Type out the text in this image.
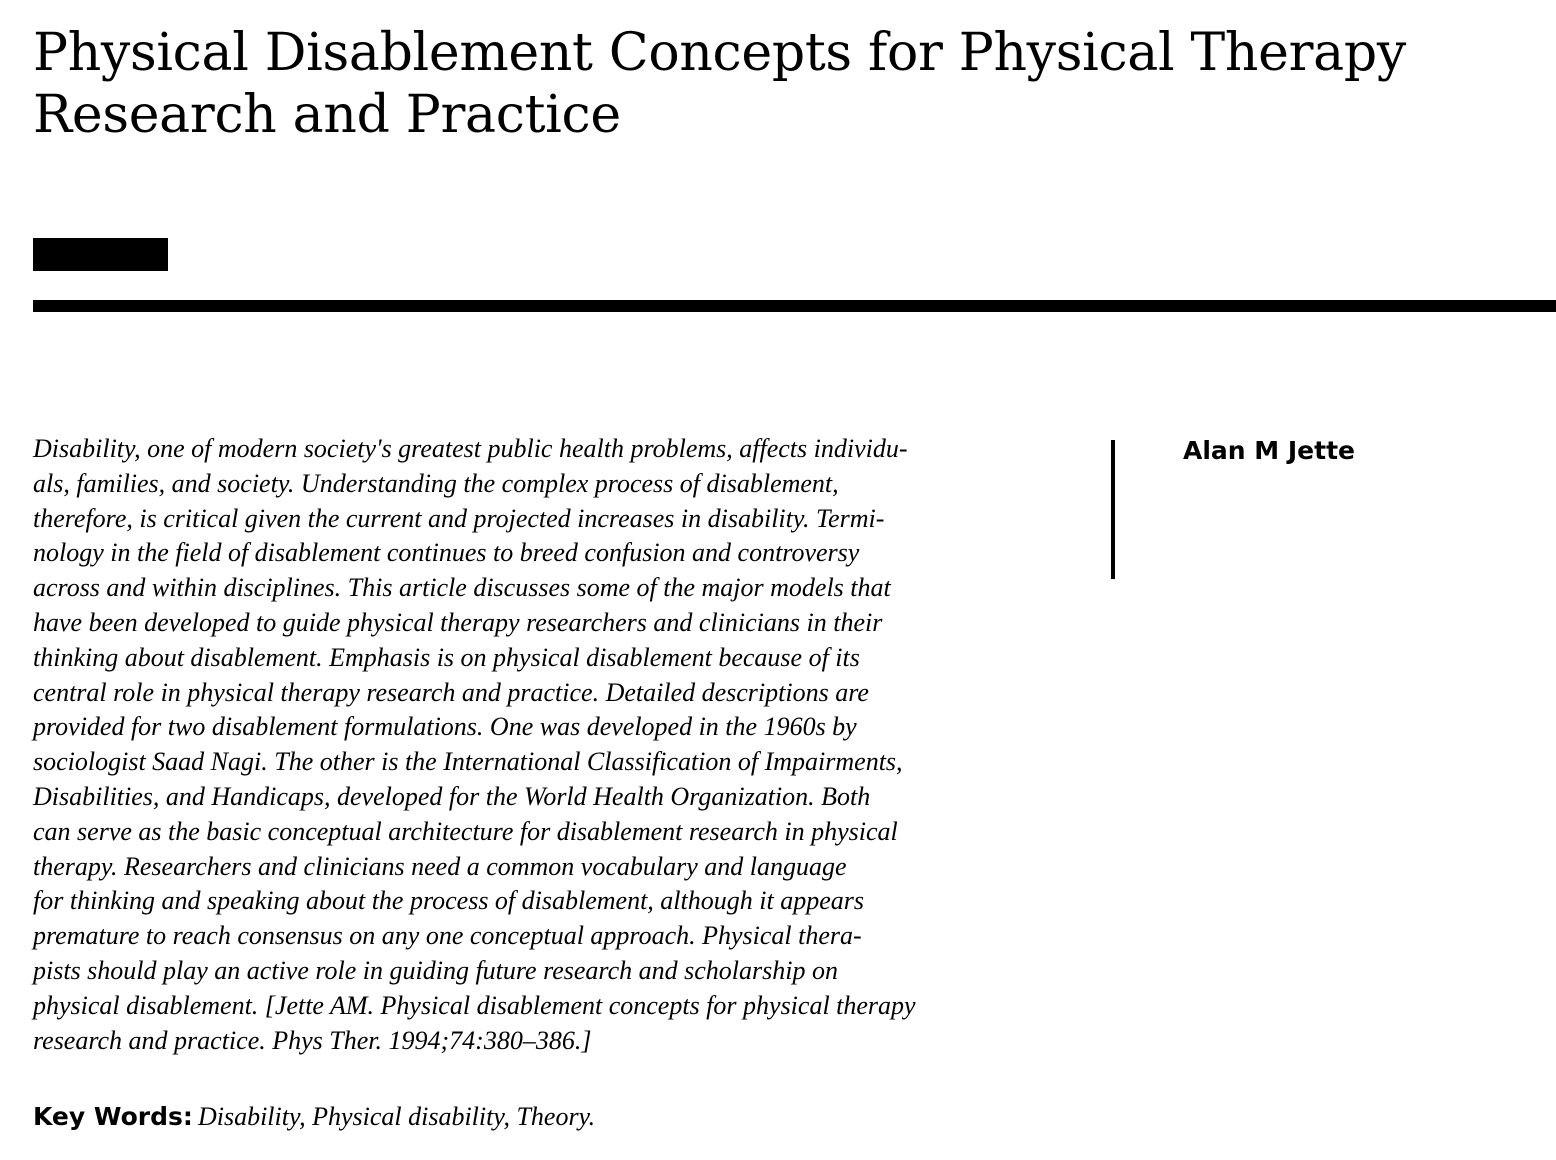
Physical Disablement Concepts for Physical Therapy
Research and Practice
Disability, one of modern society's greatest public health problems, affects individu-
als, families, and society. Understanding the complex process of disablement,
therefore, is critical given the current and projected increases in disability. Termi-
nology in the field of disablement continues to breed confusion and controversy
across and within disciplines. This article discusses some of the major models that
have been developed to guide physical therapy researchers and clinicians in their
thinking about disablement. Emphasis is on physical disablement because of its
central role in physical therapy research and practice. Detailed descriptions are
provided for two disablement formulations. One was developed in the 1960s by
sociologist Saad Nagi. The other is the International Classification of Impairments,
Disabilities, and Handicaps, developed for the World Health Organization. Both
can serve as the basic conceptual architecture for disablement research in physical
therapy. Researchers and clinicians need a common vocabulary and language
for thinking and speaking about the process of disablement, although it appears
premature to reach consensus on any one conceptual approach. Physical thera-
pists should play an active role in guiding future research and scholarship on
physical disablement. [Jette AM. Physical disablement concepts for physical therapy
research and practice. Phys Ther. 1994;74:380–386.]

Alan M Jette

Key Words: Disability, Physical disability, Theory.
